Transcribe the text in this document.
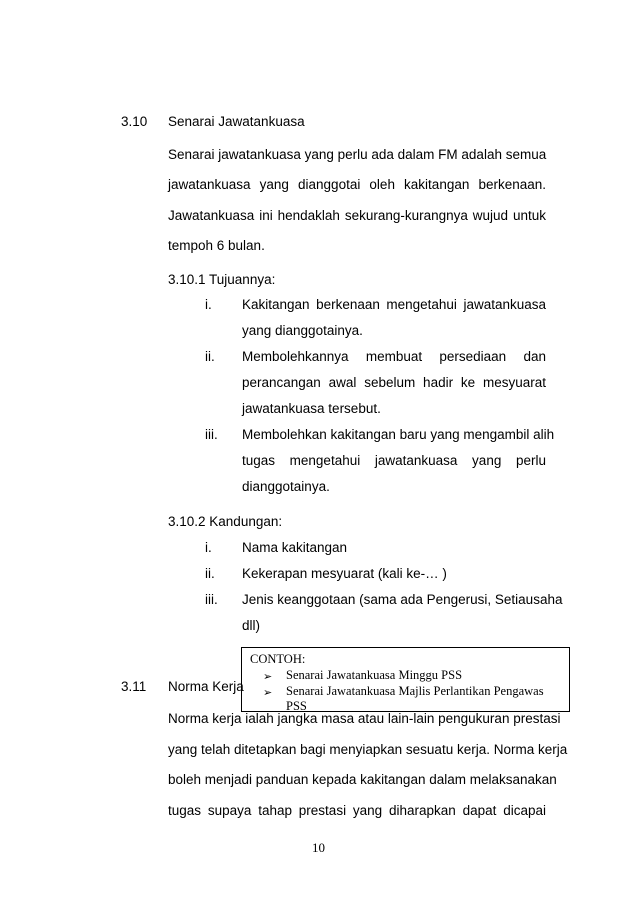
3.10 Senarai Jawatankuasa
Senarai jawatankuasa yang perlu ada dalam FM adalah semua
jawatankuasa yang dianggotai oleh kakitangan berkenaan.
Jawatankuasa ini hendaklah sekurang-kurangnya wujud untuk
tempoh 6 bulan.
3.10.1 Tujuannya:
i. Kakitangan berkenaan mengetahui jawatankuasa
yang dianggotainya.
ii. Membolehkannya membuat persediaan dan
perancangan awal sebelum hadir ke mesyuarat
jawatankuasa tersebut.
iii. Membolehkan kakitangan baru yang mengambil alih
tugas mengetahui jawatankuasa yang perlu
dianggotainya.
3.10.2 Kandungan:
i. Nama kakitangan
ii. Kekerapan mesyuarat (kali ke-… )
iii. Jenis keanggotaan (sama ada Pengerusi, Setiausaha
dll)
CONTOH:
➢ Senarai Jawatankuasa Minggu PSS
➢ Senarai Jawatankuasa Majlis Perlantikan Pengawas
PSS
3.11 Norma Kerja
Norma kerja ialah jangka masa atau lain-lain pengukuran prestasi
yang telah ditetapkan bagi menyiapkan sesuatu kerja. Norma kerja
boleh menjadi panduan kepada kakitangan dalam melaksanakan
tugas supaya tahap prestasi yang diharapkan dapat dicapai
10
